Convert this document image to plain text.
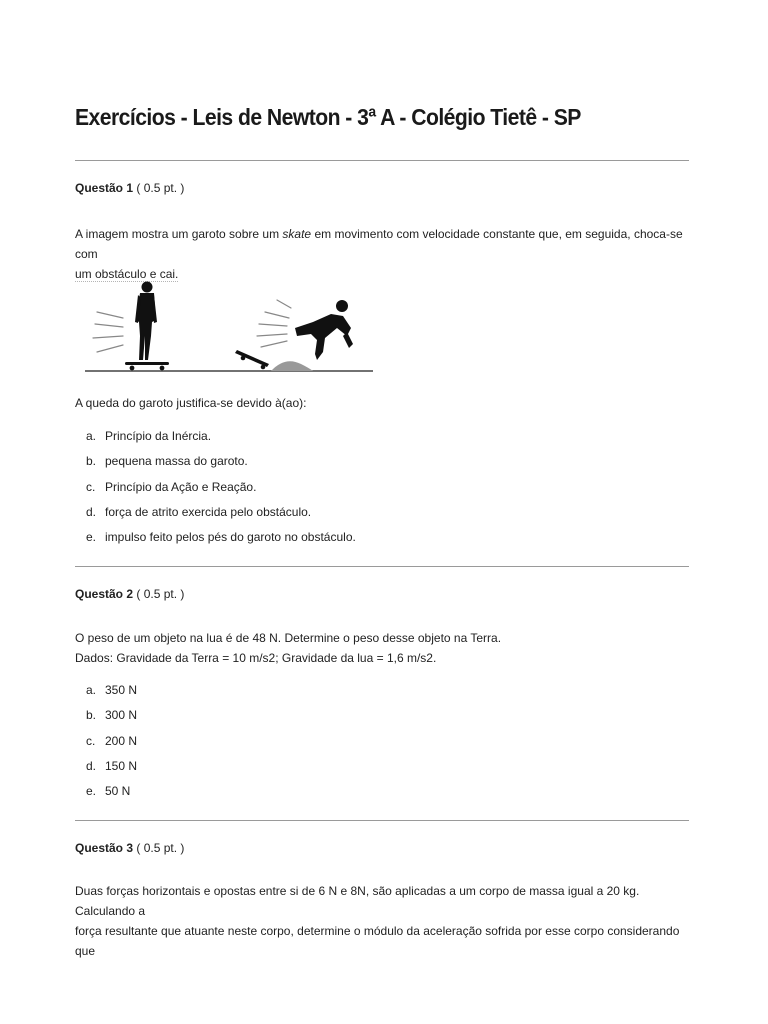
Exercícios - Leis de Newton - 3ª A - Colégio Tietê - SP
Questão 1 ( 0.5 pt. )
A imagem mostra um garoto sobre um skate em movimento com velocidade constante que, em seguida, choca-se com
um obstáculo e cai.
A queda do garoto justifica-se devido à(ao):
a. Princípio da Inércia.
b. pequena massa do garoto.
c. Princípio da Ação e Reação.
d. força de atrito exercida pelo obstáculo.
e. impulso feito pelos pés do garoto no obstáculo.
Questão 2 ( 0.5 pt. )
O peso de um objeto na lua é de 48 N. Determine o peso desse objeto na Terra.
Dados: Gravidade da Terra = 10 m/s2; Gravidade da lua = 1,6 m/s2.
a. 350 N
b. 300 N
c. 200 N
d. 150 N
e. 50 N
Questão 3 ( 0.5 pt. )
Duas forças horizontais e opostas entre si de 6 N e 8N, são aplicadas a um corpo de massa igual a 20 kg. Calculando a
força resultante que atuante neste corpo, determine o módulo da aceleração sofrida por esse corpo considerando que
